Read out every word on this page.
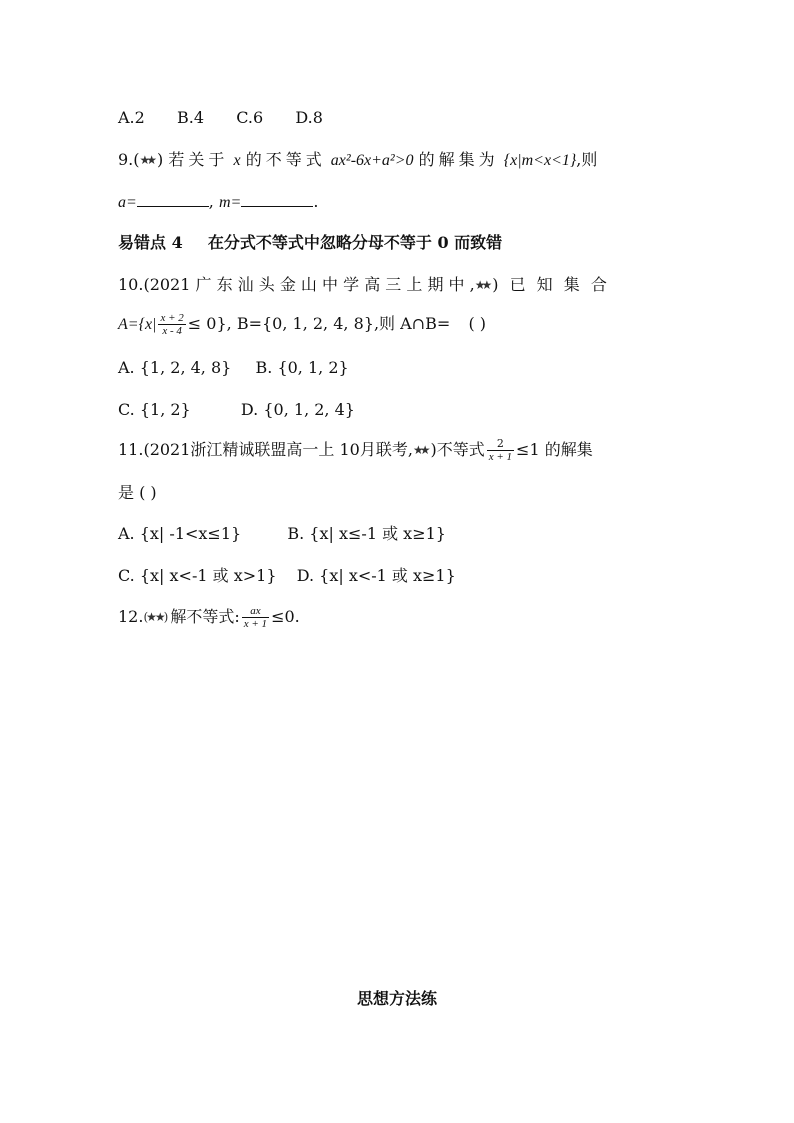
A.2 B.4 C.6 D.8
9.(★★ ) 若关于 x 的不等式 ax²-6x+a²>0 的解集为 {x|m<x<1},则
a=	, m=	.
易错点 4 在分式不等式中忽略分母不等于 0 而致错
10.(2021 广 东 汕 头 金 山 中 学 高 三 上 期 中 ,★★ ) 已 知 集 合
$A=\{x| \frac{x + 2}{x - 4} \le 0\}$, B={0, 1, 2, 4, 8},则 A∩B= ( )
A. {1, 2, 4, 8} B. {0, 1, 2}
C. {1, 2}	D. {0, 1, 2, 4}
11.(2021浙江精诚联盟高一上 10月联考,★★ )不等式 $\frac{2}{x + 1} \le 1$ 的解集
是 ( )
A. {x| -1<x≤1}	B. {x| x≤-1 或 x≥1}
C. {x| x<-1 或 x>1} D. {x| x<-1 或 x≥1}
12.(★★) 解不等式: $\frac{ax}{x + 1} \le 0$.
思想方法练
